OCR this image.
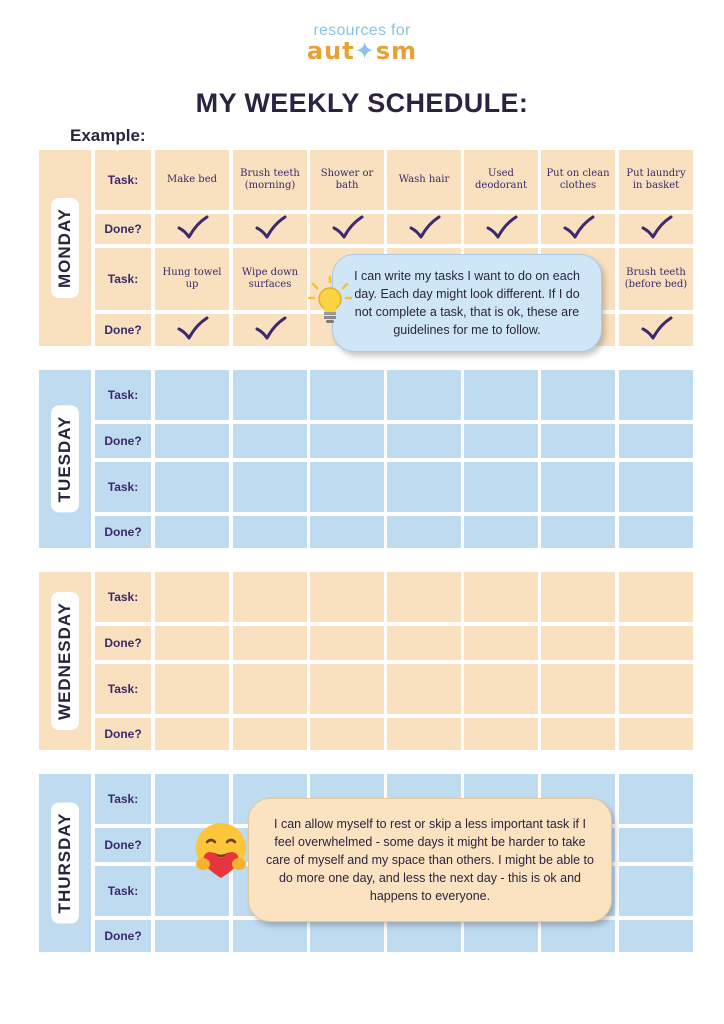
resources for
aut✦sm
MY WEEKLY SCHEDULE:
Example:
MONDAY
Task:	Make bed
Brush teeth (morning)
Shower or bath
Wash hair
Used deodorant
Put on clean clothes
Put laundry in basket
Done?
Task:	Hung towel up
Wipe down surfaces
Brush teeth (before bed)
Done?
TUESDAY
Task:
Done?
Task:
Done?
WEDNESDAY
Task:
Done?
Task:
Done?
THURSDAY
Task:
Done?
Task:
Done?
I can write my tasks I want to do on each day. Each day might look different. If I do not complete a task, that is ok, these are guidelines for me to follow.
I can allow myself to rest or skip a less important task if I feel overwhelmed - some days it might be harder to take care of myself and my space than others. I might be able to do more one day, and less the next day - this is ok and happens to everyone.
